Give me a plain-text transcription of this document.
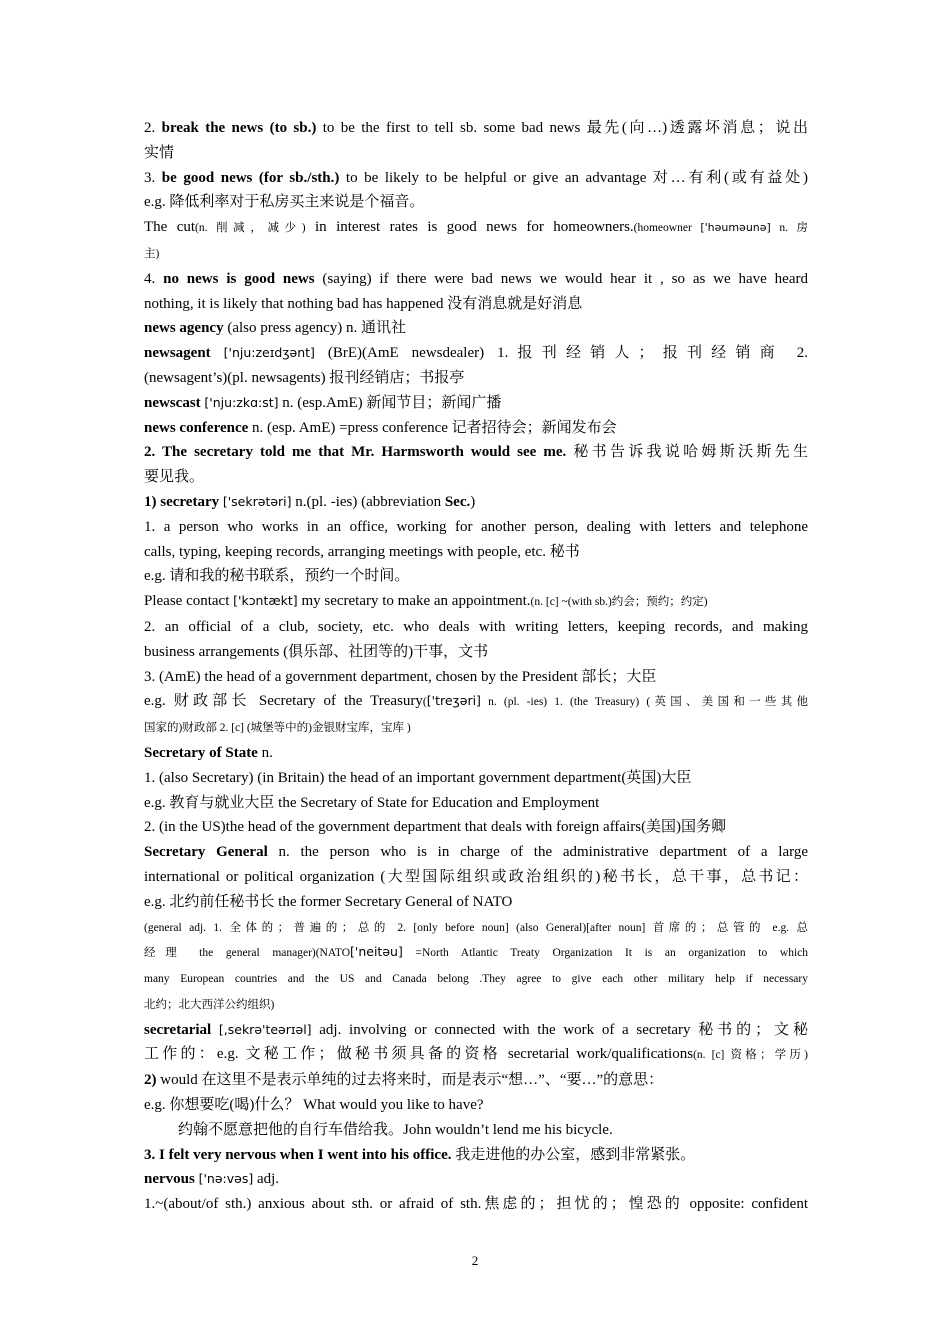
2. break the news (to sb.) to be the first to tell sb. some bad news 最先(向…)透露坏消息；说出
实情
3. be good news (for sb./sth.) to be likely to be helpful or give an advantage 对…有利(或有益处)
e.g. 降低利率对于私房买主来说是个福音。
The cut(n. 削减，减少) in interest rates is good news for homeowners.(homeowner ['həuməunə] n. 房
主)
4. no news is good news (saying) if there were bad news we would hear it , so as we have heard
nothing, it is likely that nothing bad has happened 没有消息就是好消息
news agency (also press agency) n. 通讯社
newsagent ['nju:zeɪdʒənt] (BrE)(AmE newsdealer) 1.报刊经销人；报刊经销商 2.
(newsagent’s)(pl. newsagents) 报刊经销店；书报亭
newscast ['nju:zkɑ:st] n. (esp.AmE) 新闻节目；新闻广播
news conference n. (esp. AmE) =press conference 记者招待会；新闻发布会
2. The secretary told me that Mr. Harmsworth would see me. 秘书告诉我说哈姆斯沃斯先生
要见我。
1) secretary ['sekrətəri] n.(pl. -ies) (abbreviation Sec.)
1. a person who works in an office, working for another person, dealing with letters and telephone
calls, typing, keeping records, arranging meetings with people, etc. 秘书
e.g. 请和我的秘书联系，预约一个时间。
Please contact ['kɔntækt] my secretary to make an appointment.(n. [c] ~(with sb.)约会；预约；约定)
2. an official of a club, society, etc. who deals with writing letters, keeping records, and making
business arrangements (俱乐部、社团等的)干事，文书
3. (AmE) the head of a government department, chosen by the President 部长；大臣
e.g. 财政部长 Secretary of the Treasury(['treʒəri] n. (pl. -ies) 1. (the Treasury) (英国、美国和一些其他
国家的)财政部 2. [c] (城堡等中的)金银财宝库，宝库 )
Secretary of State n.
1. (also Secretary) (in Britain) the head of an important government department(英国)大臣
e.g. 教育与就业大臣 the Secretary of State for Education and Employment
2. (in the US)the head of the government department that deals with foreign affairs(美国)国务卿
Secretary General n. the person who is in charge of the administrative department of a large
international or political organization (大型国际组织或政治组织的)秘书长，总干事，总书记：
e.g. 北约前任秘书长 the former Secretary General of NATO
(general adj. 1. 全体的；普遍的；总的 2. [only before noun] (also General)[after noun] 首席的；总管的 e.g. 总
经理 the general manager)(NATO['neitəu] =North Atlantic Treaty Organization It is an organization to which
many European countries and the US and Canada belong .They agree to give each other military help if necessary
北约；北大西洋公约组织)
secretarial [,sekrə'teərɪəl] adj. involving or connected with the work of a secretary 秘书的；文秘
工作的：e.g. 文秘工作；做秘书须具备的资格 secretarial work/qualifications(n. [c] 资格；学历)
2) would 在这里不是表示单纯的过去将来时，而是表示“想…”、“要…”的意思：
e.g. 你想要吃(喝)什么？ What would you like to have?
约翰不愿意把他的自行车借给我。John wouldn’t lend me his bicycle.
3. I felt very nervous when I went into his office. 我走进他的办公室，感到非常紧张。
nervous ['nə:vəs] adj.
1.~(about/of sth.) anxious about sth. or afraid of sth.焦虑的；担忧的；惶恐的 opposite: confident
2
